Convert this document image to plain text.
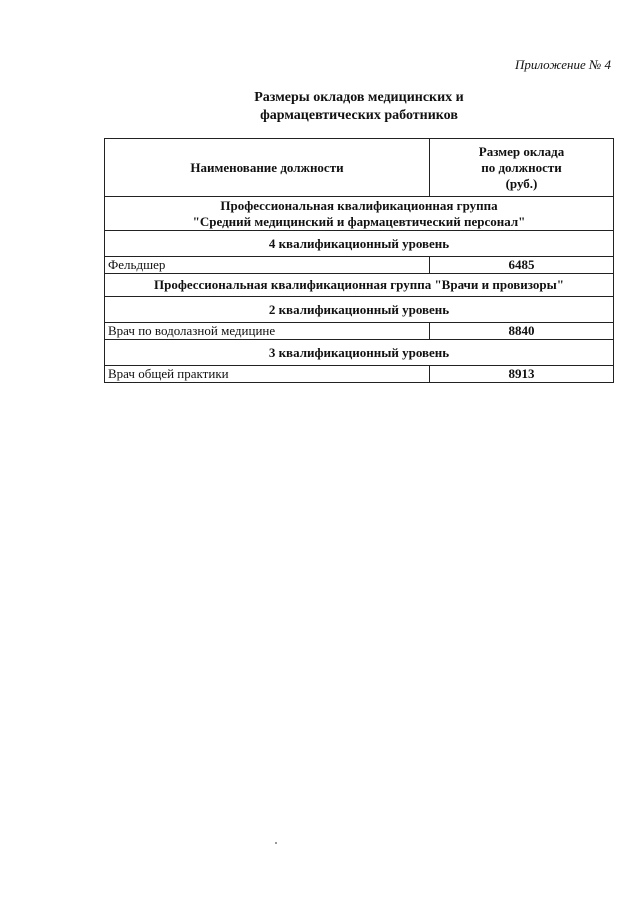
Приложение № 4
Размеры окладов медицинских и
фармацевтических работников
Наименование должности	Размер оклада
по должности
(руб.)

Профессиональная квалификационная группа
"Средний медицинский и фармацевтический персонал"	

4 квалификационный уровень	
Фельдшер	6485
Профессиональная квалификационная группа "Врачи и провизоры"	
2 квалификационный уровень	
Врач по водолазной медицине	8840
3 квалификационный уровень	
Врач общей практики	8913
